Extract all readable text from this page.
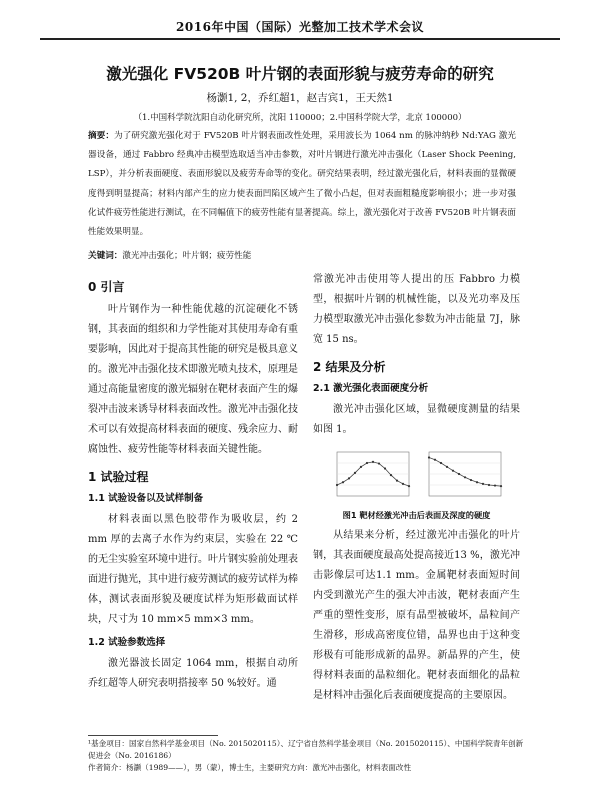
2016年中国（国际）光整加工技术学术会议
激光强化 FV520B 叶片钢的表面形貌与疲劳寿命的研究
杨灏1, 2，乔红超1，赵吉宾1，王天然1
（1.中国科学院沈阳自动化研究所，沈阳 110000；2.中国科学院大学，北京 100000）
摘要：为了研究激光强化对于 FV520B 叶片钢表面改性处理，采用波长为 1064 nm 的脉冲纳秒 Nd:YAG 激光器设备，通过 Fabbro 经典冲击模型选取适当冲击参数，对叶片钢进行激光冲击强化（Laser Shock Peening, LSP），并分析表面硬度、表面形貌以及疲劳寿命等的变化。研究结果表明，经过激光强化后，材料表面的显微硬度得到明显提高；材料内部产生的应力使表面凹陷区域产生了微小凸起，但对表面粗糙度影响很小；进一步对强化试件疲劳性能进行测试，在不同幅值下的疲劳性能有显著提高。综上，激光强化对于改善 FV520B 叶片钢表面性能效果明显。
关键词：激光冲击强化；叶片钢；疲劳性能
0 引言

叶片钢作为一种性能优越的沉淀硬化不锈钢，其表面的组织和力学性能对其使用寿命有重要影响，因此对于提高其性能的研究是极具意义的。激光冲击强化技术即激光喷丸技术，原理是通过高能量密度的激光辐射在靶材表面产生的爆裂冲击波来诱导材料表面改性。激光冲击强化技术可以有效提高材料表面的硬度、残余应力、耐腐蚀性、疲劳性能等材料表面关键性能。

1 试验过程
1.1 试验设备以及试样制备

材料表面以黑色胶带作为吸收层，约 2 mm 厚的去离子水作为约束层，实验在 22 ℃ 的无尘实验室环境中进行。叶片钢实验前处理表面进行抛光，其中进行疲劳测试的疲劳试样为棒体，测试表面形貌及硬度试样为矩形截面试样块，尺寸为 10 mm×5 mm×3 mm。

1.2 试验参数选择

激光器波长固定 1064 mm，根据自动所乔红超等人研究表明搭接率 50 %较好。通

常激光冲击使用等人提出的压 Fabbro 力模型，根据叶片钢的机械性能，以及光功率及压力模型取激光冲击强化参数为冲击能量 7J，脉宽 15 ns。

2 结果及分析
2.1 激光强化表面硬度分析

激光冲击强化区域，显微硬度测量的结果如图 1。

图1 靶材经激光冲击后表面及深度的硬度

从结果来分析，经过激光冲击强化的叶片钢，其表面硬度最高处提高接近13 %，激光冲击影像层可达1.1 mm。金属靶材表面短时间内受到激光产生的强大冲击波，靶材表面产生严重的塑性变形，原有晶型被破坏，晶粒间产生滑移，形成高密度位错，晶界也由于这种变形极有可能形成新的晶界。新晶界的产生，使得材料表面的晶粒细化。靶材表面细化的晶粒是材料冲击强化后表面硬度提高的主要原因。

¹基金项目：国家自然科学基金项目（No. 2015020115）、辽宁省自然科学基金项目（No. 2015020115）、中国科学院青年创新促进会（No. 2016186）
作者简介：杨灏（1989——），男（蒙），博士生，主要研究方向：激光冲击强化，材料表面改性
